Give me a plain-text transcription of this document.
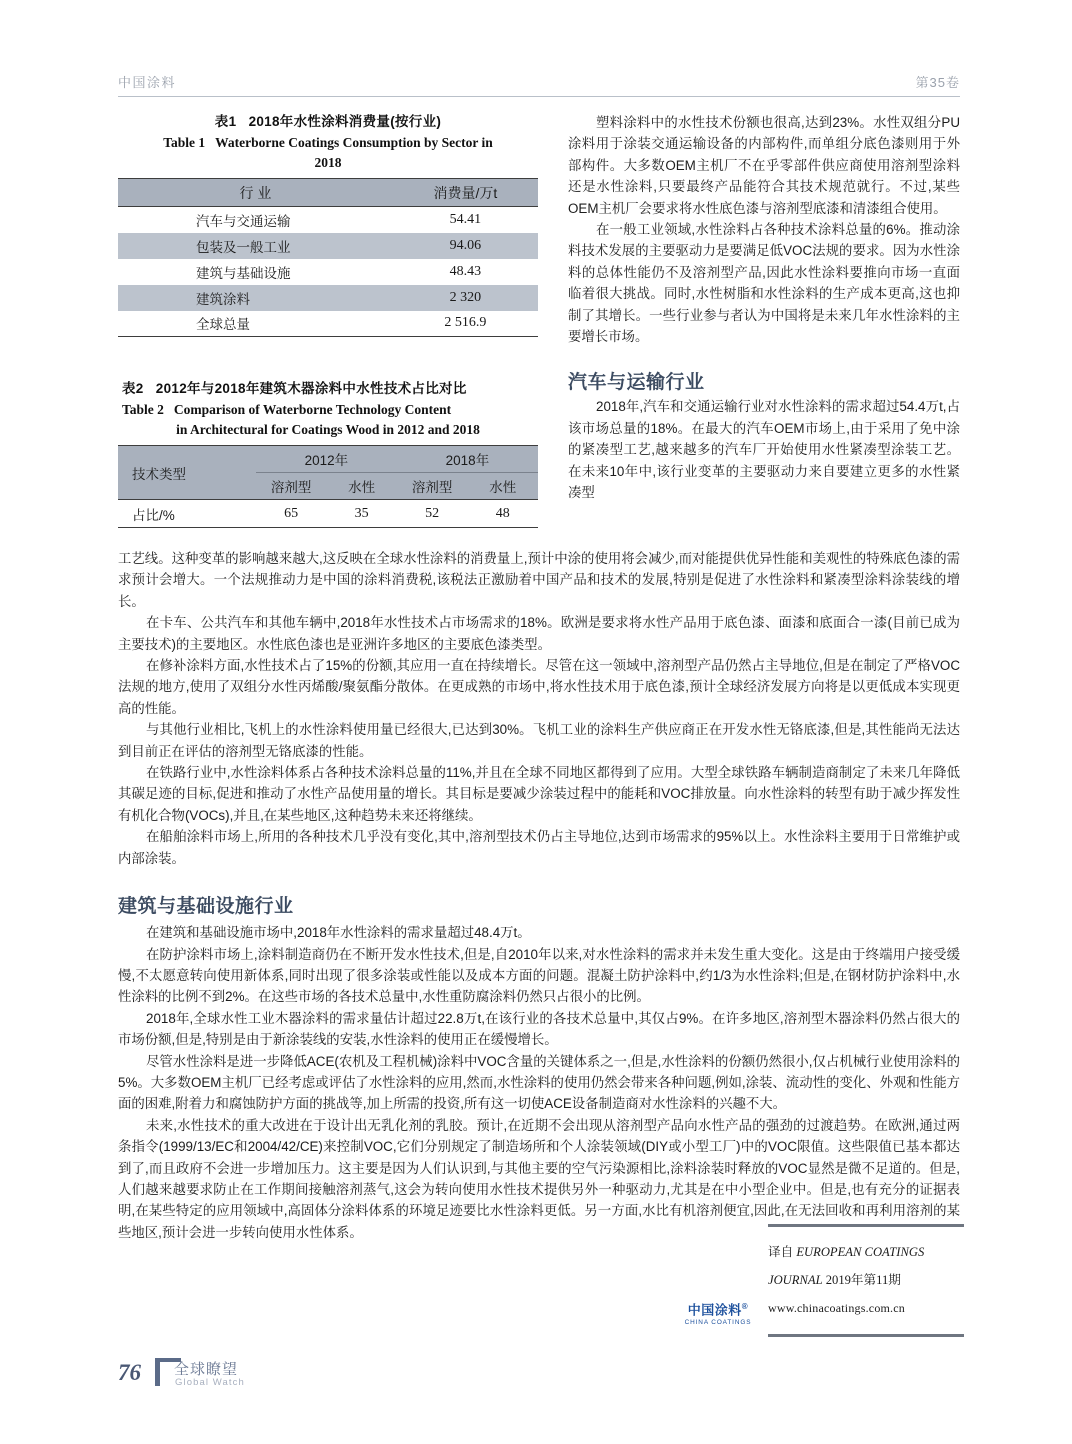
中国涂料	第35卷
表1 2018年水性涂料消费量(按行业)
Table 1 Waterborne Coatings Consumption by Sector in
2018
行 业	消费量/万t
汽车与交通运输	54.41
包装及一般工业	94.06
建筑与基础设施	48.43
建筑涂料	2 320
全球总量	2 516.9
表2 2012年与2018年建筑木器涂料中水性技术占比对比
Table 2 Comparison of Waterborne Technology Content
in Architectural for Coatings Wood in 2012 and 2018
技术类型	2012年		2018年	
	溶剂型	水性	溶剂型	水性
占比/%	65	35	52	48

塑料涂料中的水性技术份额也很高,达到23%。水性双组分PU涂料用于涂装交通运输设备的内部构件,而单组分底色漆则用于外部构件。大多数OEM主机厂不在乎零部件供应商使用溶剂型涂料还是水性涂料,只要最终产品能符合其技术规范就行。不过,某些OEM主机厂会要求将水性底色漆与溶剂型底漆和清漆组合使用。

在一般工业领域,水性涂料占各种技术涂料总量的6%。推动涂料技术发展的主要驱动力是要满足低VOC法规的要求。因为水性涂料的总体性能仍不及溶剂型产品,因此水性涂料要推向市场一直面临着很大挑战。同时,水性树脂和水性涂料的生产成本更高,这也抑制了其增长。一些行业参与者认为中国将是未来几年水性涂料的主要增长市场。

汽车与运输行业

2018年,汽车和交通运输行业对水性涂料的需求超过54.4万t,占该市场总量的18%。在最大的汽车OEM市场上,由于采用了免中涂的紧凑型工艺,越来越多的汽车厂开始使用水性紧凑型涂装工艺。在未来10年中,该行业变革的主要驱动力来自要建立更多的水性紧凑型

工艺线。这种变革的影响越来越大,这反映在全球水性涂料的消费量上,预计中涂的使用将会减少,而对能提供优异性能和美观性的特殊底色漆的需求预计会增大。一个法规推动力是中国的涂料消费税,该税法正激励着中国产品和技术的发展,特别是促进了水性涂料和紧凑型涂料涂装线的增长。

在卡车、公共汽车和其他车辆中,2018年水性技术占市场需求的18%。欧洲是要求将水性产品用于底色漆、面漆和底面合一漆(目前已成为主要技术)的主要地区。水性底色漆也是亚洲许多地区的主要底色漆类型。

在修补涂料方面,水性技术占了15%的份额,其应用一直在持续增长。尽管在这一领域中,溶剂型产品仍然占主导地位,但是在制定了严格VOC法规的地方,使用了双组分水性丙烯酸/聚氨酯分散体。在更成熟的市场中,将水性技术用于底色漆,预计全球经济发展方向将是以更低成本实现更高的性能。

与其他行业相比,飞机上的水性涂料使用量已经很大,已达到30%。飞机工业的涂料生产供应商正在开发水性无铬底漆,但是,其性能尚无法达到目前正在评估的溶剂型无铬底漆的性能。

在铁路行业中,水性涂料体系占各种技术涂料总量的11%,并且在全球不同地区都得到了应用。大型全球铁路车辆制造商制定了未来几年降低其碳足迹的目标,促进和推动了水性产品使用量的增长。其目标是要减少涂装过程中的能耗和VOC排放量。向水性涂料的转型有助于减少挥发性有机化合物(VOCs),并且,在某些地区,这种趋势未来还将继续。

在船舶涂料市场上,所用的各种技术几乎没有变化,其中,溶剂型技术仍占主导地位,达到市场需求的95%以上。水性涂料主要用于日常维护或内部涂装。

建筑与基础设施行业

在建筑和基础设施市场中,2018年水性涂料的需求量超过48.4万t。

在防护涂料市场上,涂料制造商仍在不断开发水性技术,但是,自2010年以来,对水性涂料的需求并未发生重大变化。这是由于终端用户接受缓慢,不太愿意转向使用新体系,同时出现了很多涂装或性能以及成本方面的问题。混凝土防护涂料中,约1/3为水性涂料;但是,在钢材防护涂料中,水性涂料的比例不到2%。在这些市场的各技术总量中,水性重防腐涂料仍然只占很小的比例。

2018年,全球水性工业木器涂料的需求量估计超过22.8万t,在该行业的各技术总量中,其仅占9%。在许多地区,溶剂型木器涂料仍然占很大的市场份额,但是,特别是由于新涂装线的安装,水性涂料的使用正在缓慢增长。

尽管水性涂料是进一步降低ACE(农机及工程机械)涂料中VOC含量的关键体系之一,但是,水性涂料的份额仍然很小,仅占机械行业使用涂料的5%。大多数OEM主机厂已经考虑或评估了水性涂料的应用,然而,水性涂料的使用仍然会带来各种问题,例如,涂装、流动性的变化、外观和性能方面的困难,附着力和腐蚀防护方面的挑战等,加上所需的投资,所有这一切使ACE设备制造商对水性涂料的兴趣不大。

未来,水性技术的重大改进在于设计出无乳化剂的乳胶。预计,在近期不会出现从溶剂型产品向水性产品的强劲的过渡趋势。在欧洲,通过两条指令(1999/13/EC和2004/42/CE)来控制VOC,它们分别规定了制造场所和个人涂装领域(DIY或小型工厂)中的VOC限值。这些限值已基本都达到了,而且政府不会进一步增加压力。这主要是因为人们认识到,与其他主要的空气污染源相比,涂料涂装时释放的VOC显然是微不足道的。但是,人们越来越要求防止在工作期间接触溶剂蒸气,这会为转向使用水性技术提供另外一种驱动力,尤其是在中小型企业中。但是,也有充分的证据表明,在某些特定的应用领域中,高固体分涂料体系的环境足迹要比水性涂料更低。另一方面,水比有机溶剂便宜,因此,在无法回收和再利用溶剂的某些地区,预计会进一步转向使用水性体系。

译自 EUROPEAN COATINGS
JOURNAL 2019年第11期
www.chinacoatings.com.cn
中国涂料®
CHINA COATINGS
76 全球瞭望
Global Watch
